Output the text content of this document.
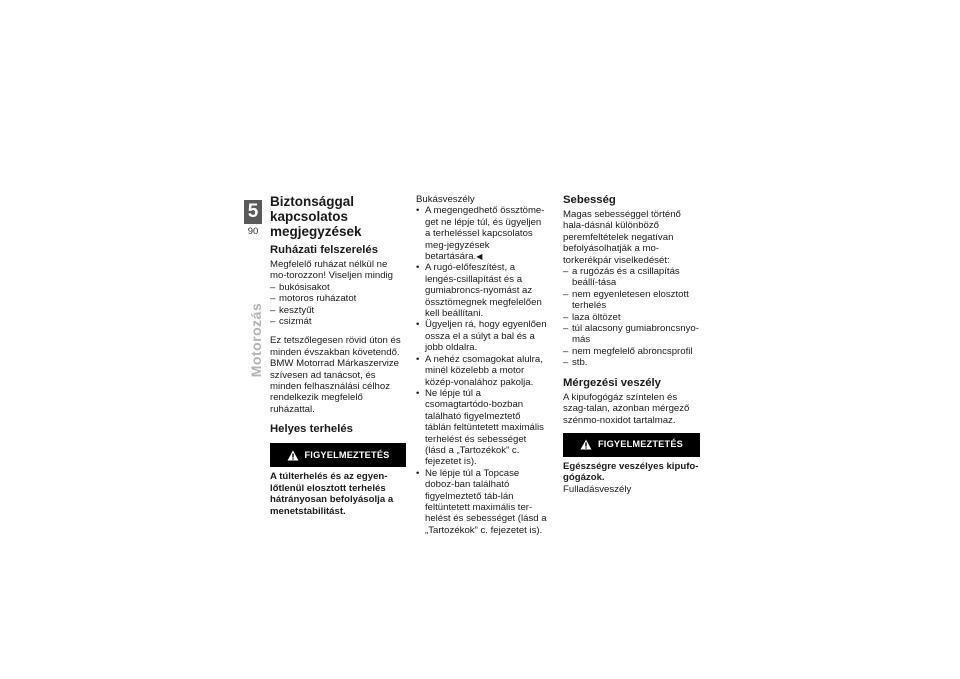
5
90
Motorozás
Biztonsággal kapcsolatos megjegyzések
Ruházati felszerelés

Megfelelő ruházat nélkül ne mo-torozzon! Viseljen mindig

– bukósisakot
– motoros ruházatot
– kesztyűt
– csizmát

Ez tetszőlegesen rövid úton és minden évszakban követendő. BMW Motorrad Márkaszervize szívesen ad tanácsot, és minden felhasználási célhoz rendelkezik megfelelő ruházattal.

Helyes terhelés
FIGYELMEZTETÉS

A túlterhelés és az egyen-lőtlenül elosztott terhelés hátrányosan befolyásolja a menetstabilitást.

Bukásveszély

• A megengedhető össztöme-get ne lépje túl, és ügyeljen a terheléssel kapcsolatos meg-jegyzések betartására.◀
• A rugó-előfeszítést, a lengés-csillapítást és a gumiabroncs-nyomást az össztömegnek megfelelően kell beállítani.
• Ügyeljen rá, hogy egyenlően ossza el a súlyt a bal és a jobb oldalra.
• A nehéz csomagokat alulra, minél közelebb a motor közép-vonalához pakolja.
• Ne lépje túl a csomagtartódo-bozban található figyelmeztető táblán feltüntetett maximális terhelést és sebességet (lásd a „Tartozékok” c. fejezetet is).
• Ne lépje túl a Topcase doboz-ban található figyelmeztető táb-lán feltüntetett maximális ter-helést és sebességet (lásd a „Tartozékok” c. fejezetet is).
Sebesség

Magas sebességgel történő hala-dásnál különböző peremfeltételek negatívan befolyásolhatják a mo-torkerékpár viselkedését:

– a rugózás és a csillapítás beállí-tása
– nem egyenletesen elosztott terhelés
– laza öltözet
– túl alacsony gumiabroncsnyo-más
– nem megfelelő abroncsprofil
– stb.
Mérgezési veszély

A kipufogógáz színtelen és szag-talan, azonban mérgező szénmo-noxidot tartalmaz.

FIGYELMEZTETÉS

Egészségre veszélyes kipufo-gógázok.

Fulladásveszély
